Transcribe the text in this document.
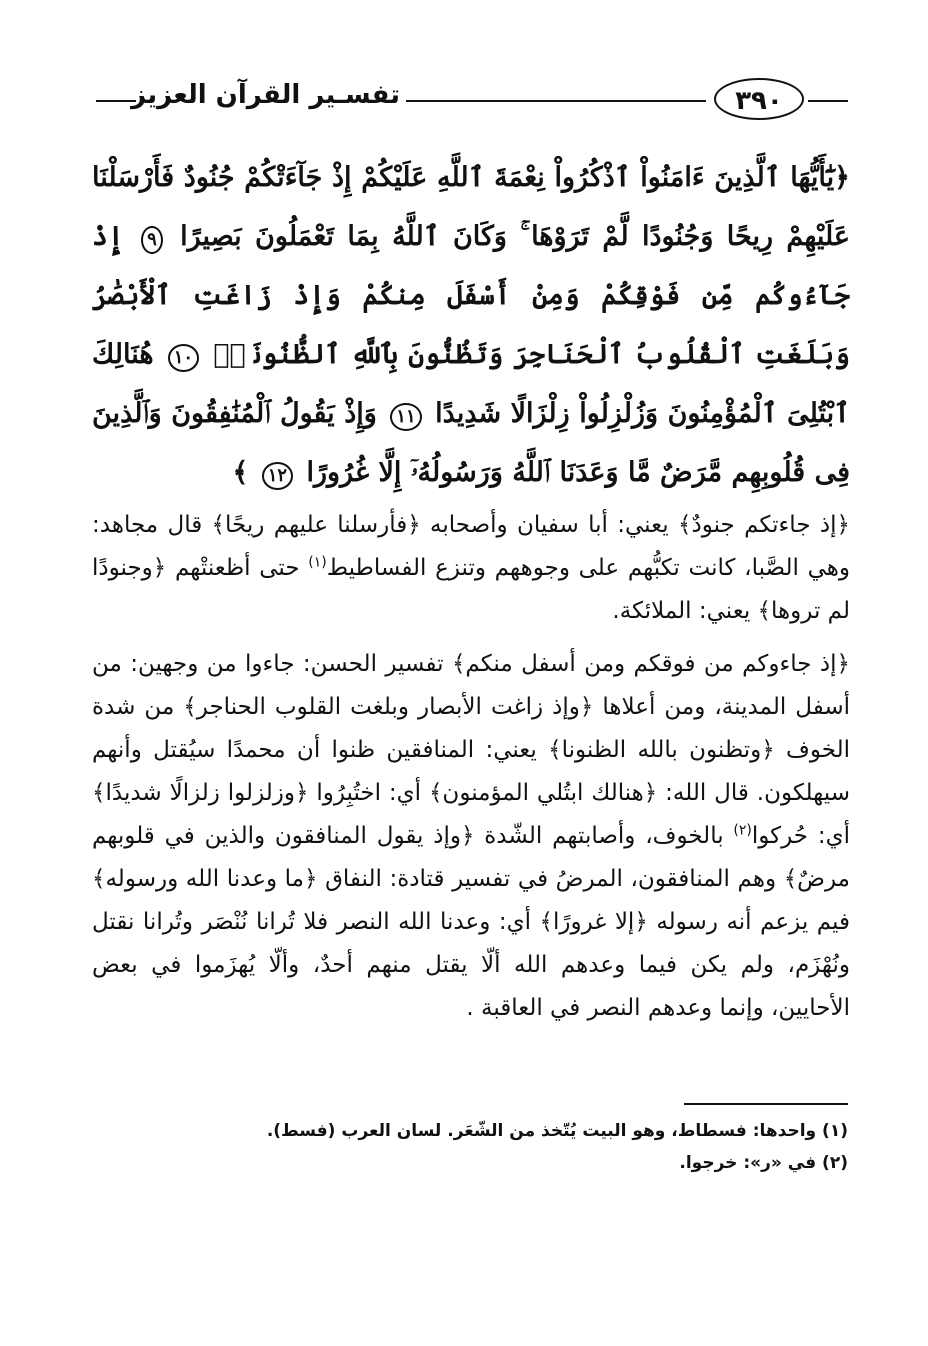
تفسـير القرآن العزيز	٣٩٠

﴿يَٰٓأَيُّهَا ٱلَّذِينَ ءَامَنُواْ ٱذْكُرُواْ نِعْمَةَ ٱللَّهِ عَلَيْكُمْ إِذْ جَآءَتْكُمْ جُنُودٌ فَأَرْسَلْنَا عَلَيْهِمْ رِيحًا وَجُنُودًا لَّمْ تَرَوْهَا ۚ وَكَانَ ٱللَّهُ بِمَا تَعْمَلُونَ بَصِيرًا ٩ إِذْ جَآءُوكُم مِّن فَوْقِكُمْ وَمِنْ أَسْفَلَ مِنكُمْ وَإِذْ زَاغَتِ ٱلْأَبْصَٰرُ وَبَلَغَتِ ٱلْقُلُوبُ ٱلْحَنَاجِرَ وَتَظُنُّونَ بِٱللَّهِ ٱلظُّنُونَا۠ ١٠ هُنَالِكَ ٱبْتُلِىَ ٱلْمُؤْمِنُونَ وَزُلْزِلُواْ زِلْزَالًا شَدِيدًا ١١ وَإِذْ يَقُولُ ٱلْمُنَٰفِقُونَ وَٱلَّذِينَ فِى قُلُوبِهِم مَّرَضٌ مَّا وَعَدَنَا ٱللَّهُ وَرَسُولُهُۥٓ إِلَّا غُرُورًا ١٢ ﴾

﴿إذ جاءتكم جنودٌ﴾ يعني: أبا سفيان وأصحابه ﴿فأرسلنا عليهم ريحًا﴾ قال مجاهد: وهي الصَّبا، كانت تكبُّهم على وجوههم وتنزع الفساطيط$^{(١)}$ حتى أظعنتْهم ﴿وجنودًا لم تروها﴾ يعني: الملائكة.

﴿إذ جاءوكم من فوقكم ومن أسفل منكم﴾ تفسير الحسن: جاءوا من وجهين: من أسفل المدينة، ومن أعلاها ﴿وإذ زاغت الأبصار وبلغت القلوب الحناجر﴾ من شدة الخوف ﴿وتظنون بالله الظنونا﴾ يعني: المنافقين ظنوا أن محمدًا سيُقتل وأنهم سيهلكون. قال الله: ﴿هنالك ابتُلي المؤمنون﴾ أي: اختُبِرُوا ﴿وزلزلوا زلزالًا شديدًا﴾ أي: حُركوا$^{(٢)}$ بالخوف، وأصابتهم الشّدة ﴿وإذ يقول المنافقون والذين في قلوبهم مرضٌ﴾ وهم المنافقون، المرضُ في تفسير قتادة: النفاق ﴿ما وعدنا الله ورسوله﴾ فيم يزعم أنه رسوله ﴿إلا غرورًا﴾ أي: وعدنا الله النصر فلا تُرانا نُنْصَر وتُرانا نقتل ونُهْزَم، ولم يكن فيما وعدهم الله ألّا يقتل منهم أحدٌ، وألّا يُهزَموا في بعض الأحايين، وإنما وعدهم النصر في العاقبة .

(١) واحدها: فسطاط، وهو البيت يُتّخذ من الشّعَر. لسان العرب (فسط).

(٢) في «ر»: خرجوا.
